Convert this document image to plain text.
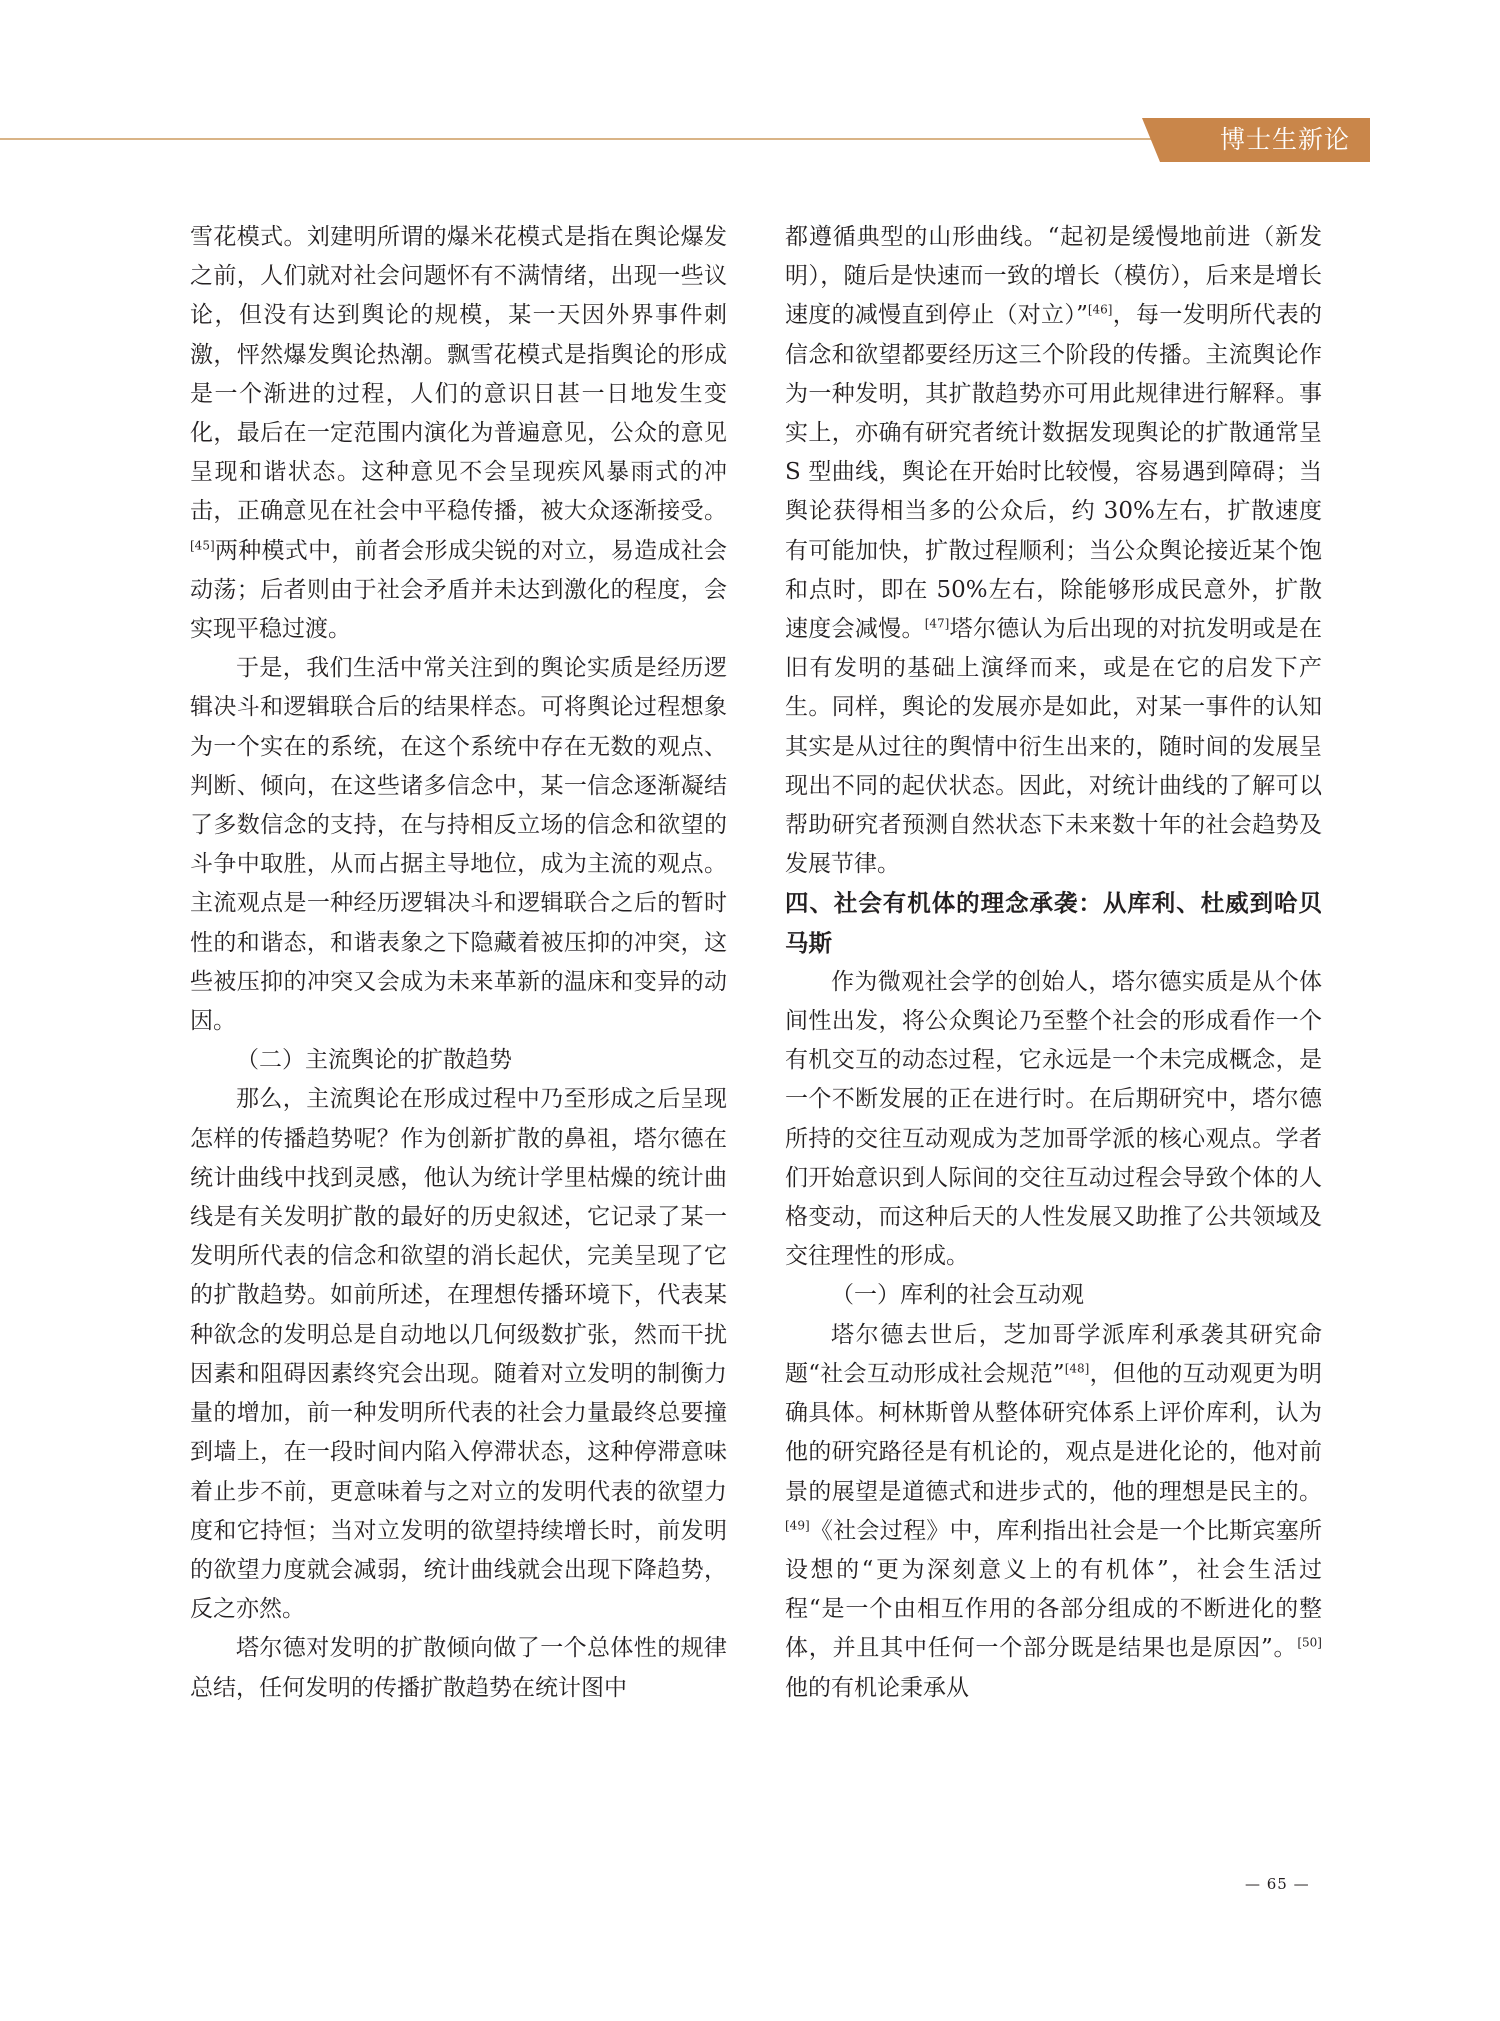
博士生新论

雪花模式。刘建明所谓的爆米花模式是指在舆论爆发之前，人们就对社会问题怀有不满情绪，出现一些议论，但没有达到舆论的规模，某一天因外界事件刺激，怦然爆发舆论热潮。飘雪花模式是指舆论的形成是一个渐进的过程，人们的意识日甚一日地发生变化，最后在一定范围内演化为普遍意见，公众的意见呈现和谐状态。这种意见不会呈现疾风暴雨式的冲击，正确意见在社会中平稳传播，被大众逐渐接受。[45]两种模式中，前者会形成尖锐的对立，易造成社会动荡；后者则由于社会矛盾并未达到激化的程度，会实现平稳过渡。

于是，我们生活中常关注到的舆论实质是经历逻辑决斗和逻辑联合后的结果样态。可将舆论过程想象为一个实在的系统，在这个系统中存在无数的观点、判断、倾向，在这些诸多信念中，某一信念逐渐凝结了多数信念的支持，在与持相反立场的信念和欲望的斗争中取胜，从而占据主导地位，成为主流的观点。主流观点是一种经历逻辑决斗和逻辑联合之后的暂时性的和谐态，和谐表象之下隐藏着被压抑的冲突，这些被压抑的冲突又会成为未来革新的温床和变异的动因。

（二）主流舆论的扩散趋势

那么，主流舆论在形成过程中乃至形成之后呈现怎样的传播趋势呢？作为创新扩散的鼻祖，塔尔德在统计曲线中找到灵感，他认为统计学里枯燥的统计曲线是有关发明扩散的最好的历史叙述，它记录了某一发明所代表的信念和欲望的消长起伏，完美呈现了它的扩散趋势。如前所述，在理想传播环境下，代表某种欲念的发明总是自动地以几何级数扩张，然而干扰因素和阻碍因素终究会出现。随着对立发明的制衡力量的增加，前一种发明所代表的社会力量最终总要撞到墙上，在一段时间内陷入停滞状态，这种停滞意味着止步不前，更意味着与之对立的发明代表的欲望力度和它持恒；当对立发明的欲望持续增长时，前发明的欲望力度就会减弱，统计曲线就会出现下降趋势，反之亦然。

塔尔德对发明的扩散倾向做了一个总体性的规律总结，任何发明的传播扩散趋势在统计图中

都遵循典型的山形曲线。“起初是缓慢地前进（新发明），随后是快速而一致的增长（模仿），后来是增长速度的减慢直到停止（对立）”[46]，每一发明所代表的信念和欲望都要经历这三个阶段的传播。主流舆论作为一种发明，其扩散趋势亦可用此规律进行解释。事实上，亦确有研究者统计数据发现舆论的扩散通常呈 S 型曲线，舆论在开始时比较慢，容易遇到障碍；当舆论获得相当多的公众后，约 30%左右，扩散速度有可能加快，扩散过程顺利；当公众舆论接近某个饱和点时，即在 50%左右，除能够形成民意外，扩散速度会减慢。[47]塔尔德认为后出现的对抗发明或是在旧有发明的基础上演绎而来，或是在它的启发下产生。同样，舆论的发展亦是如此，对某一事件的认知其实是从过往的舆情中衍生出来的，随时间的发展呈现出不同的起伏状态。因此，对统计曲线的了解可以帮助研究者预测自然状态下未来数十年的社会趋势及发展节律。

四、社会有机体的理念承袭：从库利、杜威到哈贝马斯

作为微观社会学的创始人，塔尔德实质是从个体间性出发，将公众舆论乃至整个社会的形成看作一个有机交互的动态过程，它永远是一个未完成概念，是一个不断发展的正在进行时。在后期研究中，塔尔德所持的交往互动观成为芝加哥学派的核心观点。学者们开始意识到人际间的交往互动过程会导致个体的人格变动，而这种后天的人性发展又助推了公共领域及交往理性的形成。

（一）库利的社会互动观

塔尔德去世后，芝加哥学派库利承袭其研究命题“社会互动形成社会规范”[48]，但他的互动观更为明确具体。柯林斯曾从整体研究体系上评价库利，认为他的研究路径是有机论的，观点是进化论的，他对前景的展望是道德式和进步式的，他的理想是民主的。[49]《社会过程》中，库利指出社会是一个比斯宾塞所设想的“更为深刻意义上的有机体”，社会生活过程“是一个由相互作用的各部分组成的不断进化的整体，并且其中任何一个部分既是结果也是原因”。[50]他的有机论秉承从

— 65 —
